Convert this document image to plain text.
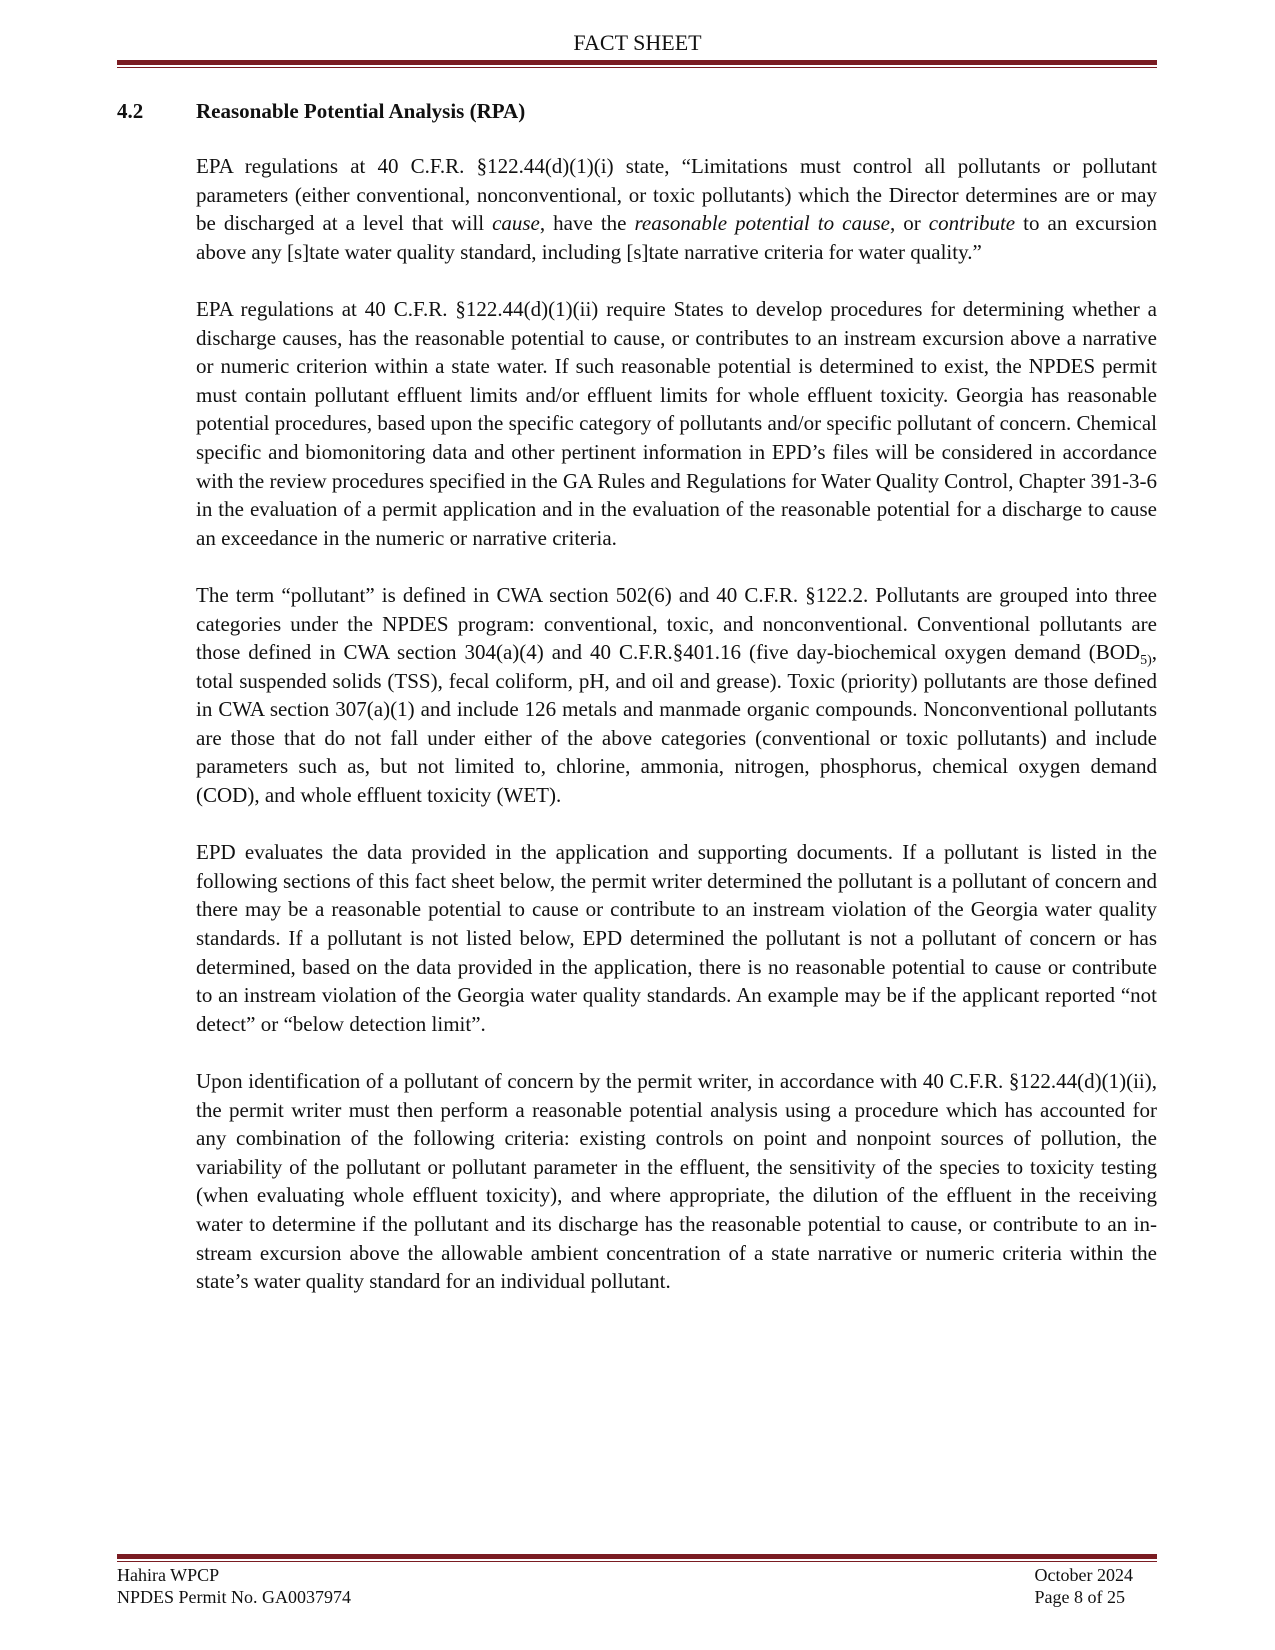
FACT SHEET
4.2	Reasonable Potential Analysis (RPA)

EPA regulations at 40 C.F.R. §122.44(d)(1)(i) state, “Limitations must control all pollutants or pollutant parameters (either conventional, nonconventional, or toxic pollutants) which the Director determines are or may be discharged at a level that will cause, have the reasonable potential to cause, or contribute to an excursion above any [s]tate water quality standard, including [s]tate narrative criteria for water quality.”

EPA regulations at 40 C.F.R. §122.44(d)(1)(ii) require States to develop procedures for determining whether a discharge causes, has the reasonable potential to cause, or contributes to an instream excursion above a narrative or numeric criterion within a state water. If such reasonable potential is determined to exist, the NPDES permit must contain pollutant effluent limits and/or effluent limits for whole effluent toxicity. Georgia has reasonable potential procedures, based upon the specific category of pollutants and/or specific pollutant of concern. Chemical specific and biomonitoring data and other pertinent information in EPD’s files will be considered in accordance with the review procedures specified in the GA Rules and Regulations for Water Quality Control, Chapter 391-3-6 in the evaluation of a permit application and in the evaluation of the reasonable potential for a discharge to cause an exceedance in the numeric or narrative criteria.

The term “pollutant” is defined in CWA section 502(6) and 40 C.F.R. §122.2. Pollutants are grouped into three categories under the NPDES program: conventional, toxic, and nonconventional. Conventional pollutants are those defined in CWA section 304(a)(4) and 40 C.F.R.§401.16 (five day-biochemical oxygen demand ($BOD_{5)}$, total suspended solids (TSS), fecal coliform, pH, and oil and grease). Toxic (priority) pollutants are those defined in CWA section 307(a)(1) and include 126 metals and manmade organic compounds. Nonconventional pollutants are those that do not fall under either of the above categories (conventional or toxic pollutants) and include parameters such as, but not limited to, chlorine, ammonia, nitrogen, phosphorus, chemical oxygen demand (COD), and whole effluent toxicity (WET).

EPD evaluates the data provided in the application and supporting documents. If a pollutant is listed in the following sections of this fact sheet below, the permit writer determined the pollutant is a pollutant of concern and there may be a reasonable potential to cause or contribute to an instream violation of the Georgia water quality standards. If a pollutant is not listed below, EPD determined the pollutant is not a pollutant of concern or has determined, based on the data provided in the application, there is no reasonable potential to cause or contribute to an instream violation of the Georgia water quality standards. An example may be if the applicant reported “not detect” or “below detection limit”.

Upon identification of a pollutant of concern by the permit writer, in accordance with 40 C.F.R. §122.44(d)(1)(ii), the permit writer must then perform a reasonable potential analysis using a procedure which has accounted for any combination of the following criteria: existing controls on point and nonpoint sources of pollution, the variability of the pollutant or pollutant parameter in the effluent, the sensitivity of the species to toxicity testing (when evaluating whole effluent toxicity), and where appropriate, the dilution of the effluent in the receiving water to determine if the pollutant and its discharge has the reasonable potential to cause, or contribute to an in-stream excursion above the allowable ambient concentration of a state narrative or numeric criteria within the state’s water quality standard for an individual pollutant.

Hahira WPCP
NPDES Permit No. GA0037974
October 2024
Page 8 of 25
